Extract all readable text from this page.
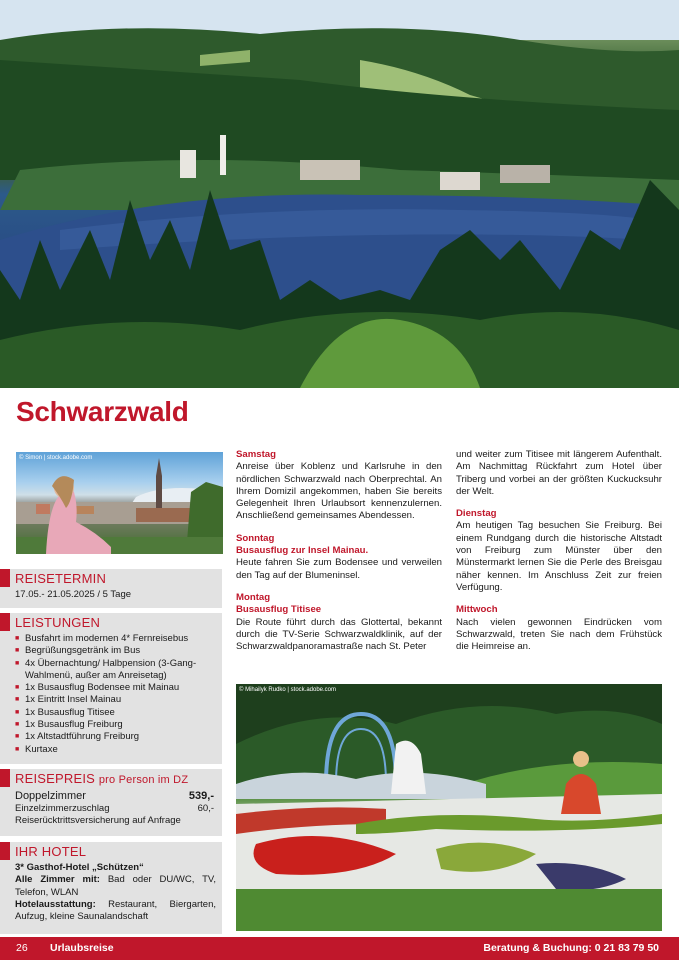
Schwarzwald
© Simon | stock.adobe.com
REISETERMIN
17.05.- 21.05.2025 / 5 Tage
LEISTUNGEN
■ Busfahrt im modernen 4* Fernreisebus
■ Begrüßungsgetränk im Bus
■ 4x Übernachtung/ Halbpension (3-Gang-Wahlmenü, außer am Anreisetag)
■ 1x Busausflug Bodensee mit Mainau
■ 1x Eintritt Insel Mainau
■ 1x Busausflug Titisee
■ 1x Busausflug Freiburg
■ 1x Altstadtführung Freiburg
■ Kurtaxe
REISEPREIS pro Person im DZ
Doppelzimmer	539,-
Einzelzimmerzuschlag	60,-
Reiserücktrittsversicherung auf Anfrage
IHR HOTEL
3* Gasthof-Hotel „Schützen“
Alle Zimmer mit: Bad oder DU/WC, TV, Telefon, WLAN
Hotelausstattung: Restaurant, Biergarten, Aufzug, kleine Saunalandschaft

Samstag
Anreise über Koblenz und Karlsruhe in den nördlichen Schwarzwald nach Oberprechtal. An Ihrem Domizil angekommen, haben Sie bereits Gelegenheit Ihren Urlaubsort kennenzulernen. Anschließend gemeinsames Abendessen.

Sonntag
Busausflug zur Insel Mainau.
Heute fahren Sie zum Bodensee und verweilen den Tag auf der Blumeninsel.

Montag
Busausflug Titisee
Die Route führt durch das Glottertal, bekannt durch die TV-Serie Schwarzwaldklinik, auf der Schwarzwaldpanoramastraße nach St. Peter

und weiter zum Titisee mit längerem Aufenthalt. Am Nachmittag Rückfahrt zum Hotel über Triberg und vorbei an der größten Kuckucksuhr der Welt.

Dienstag
Am heutigen Tag besuchen Sie Freiburg. Bei einem Rundgang durch die historische Altstadt von Freiburg zum Münster über den Münstermarkt lernen Sie die Perle des Breisgau näher kennen. Im Anschluss Zeit zur freien Verfügung.

Mittwoch
Nach vielen gewonnen Eindrücken vom Schwarzwald, treten Sie nach dem Frühstück die Heimreise an.

© Mihailyk Rudko | stock.adobe.com
26 Urlaubsreise	Beratung & Buchung: 0 21 83 79 50
